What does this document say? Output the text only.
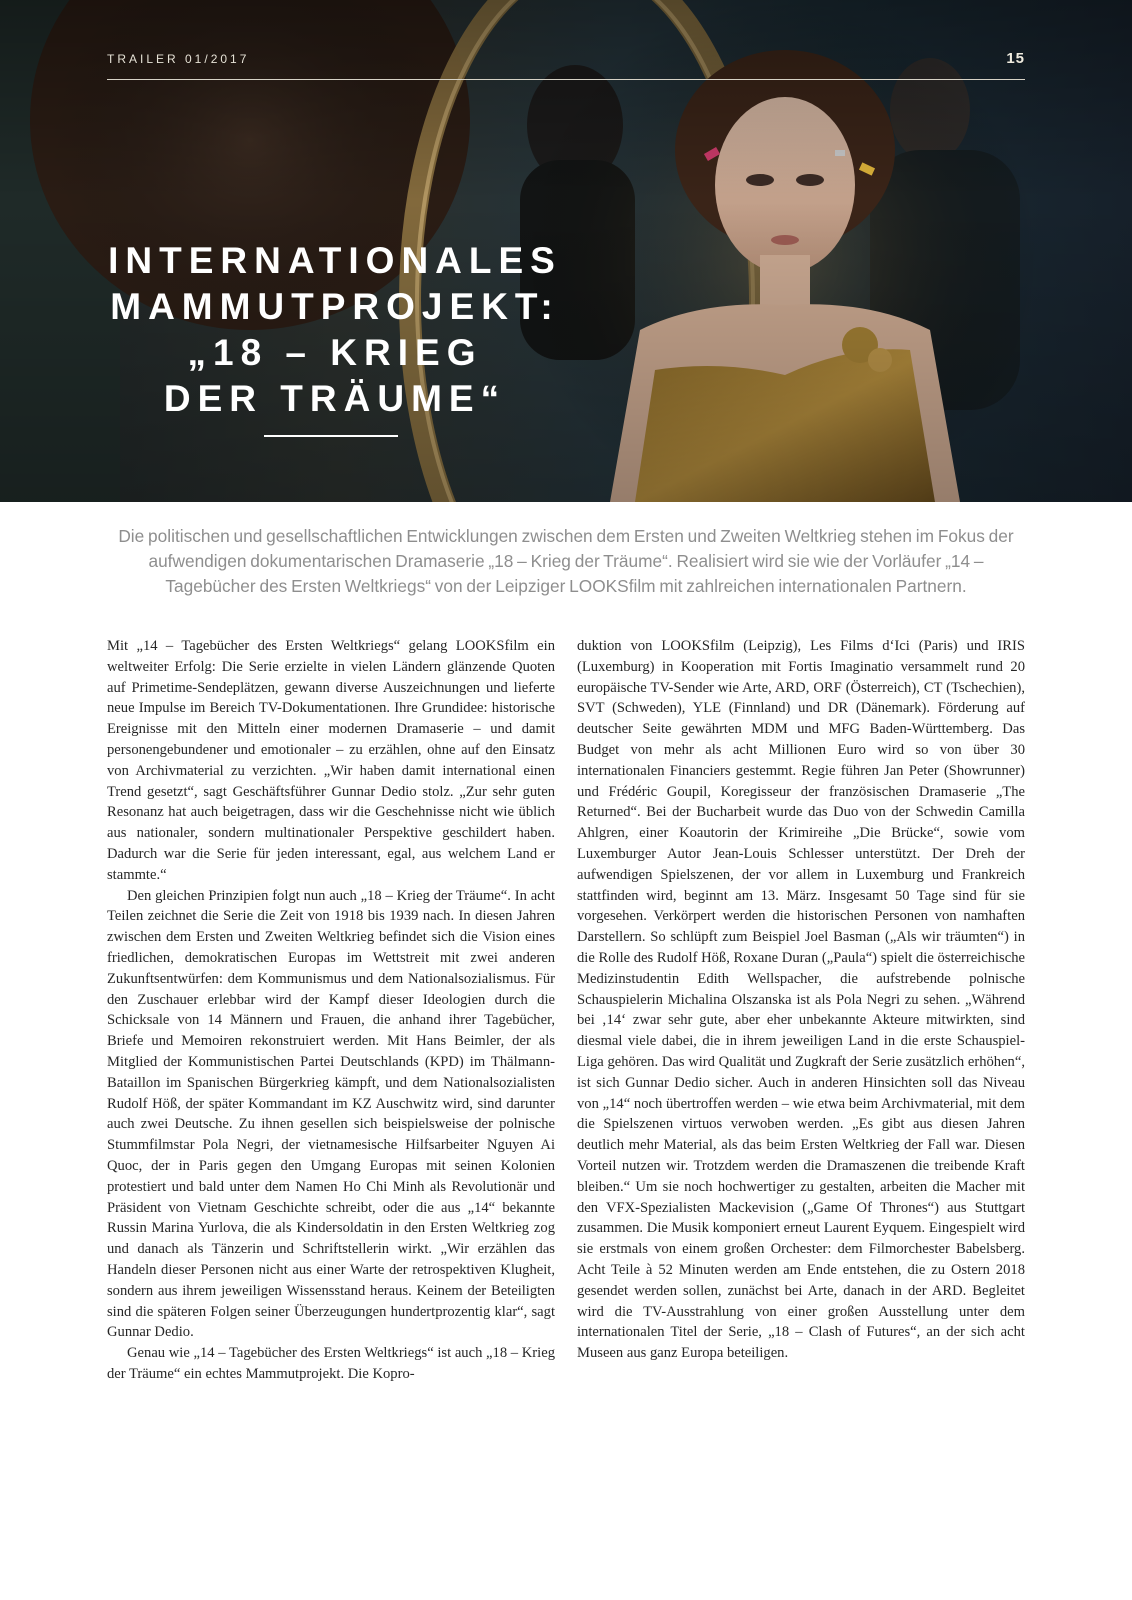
TRAILER 01/2017	15
INTERNATIONALES
MAMMUTPROJEKT:
„18 – KRIEG
DER TRÄUME“

Die politischen und gesellschaftlichen Entwicklungen zwischen dem Ersten und Zweiten Weltkrieg stehen im Fokus der aufwendigen dokumentarischen Dramaserie „18 – Krieg der Träume“. Realisiert wird sie wie der Vorläufer „14 – Tagebücher des Ersten Weltkriegs“ von der Leipziger LOOKSfilm mit zahlreichen internationalen Partnern.

Mit „14 – Tagebücher des Ersten Weltkriegs“ gelang LOOKSfilm ein weltweiter Erfolg: Die Serie erzielte in vielen Ländern glänzende Quoten auf Primetime-Sendeplätzen, gewann diverse Auszeichnungen und lieferte neue Impulse im Bereich TV-Dokumentationen. Ihre Grundidee: historische Ereignisse mit den Mitteln einer modernen Dramaserie – und damit personengebundener und emotionaler – zu erzählen, ohne auf den Einsatz von Archivmaterial zu verzichten. „Wir haben damit international einen Trend gesetzt“, sagt Geschäftsführer Gunnar Dedio stolz. „Zur sehr guten Resonanz hat auch beigetragen, dass wir die Geschehnisse nicht wie üblich aus nationaler, sondern multinationaler Perspektive geschildert haben. Dadurch war die Serie für jeden interessant, egal, aus welchem Land er stammte.“

Den gleichen Prinzipien folgt nun auch „18 – Krieg der Träume“. In acht Teilen zeichnet die Serie die Zeit von 1918 bis 1939 nach. In diesen Jahren zwischen dem Ersten und Zweiten Weltkrieg befindet sich die Vision eines friedlichen, demokratischen Europas im Wettstreit mit zwei anderen Zukunftsentwürfen: dem Kommunismus und dem Nationalsozialismus. Für den Zuschauer erlebbar wird der Kampf dieser Ideologien durch die Schicksale von 14 Männern und Frauen, die anhand ihrer Tagebücher, Briefe und Memoiren rekonstruiert werden. Mit Hans Beimler, der als Mitglied der Kommunistischen Partei Deutschlands (KPD) im Thälmann-Bataillon im Spanischen Bürgerkrieg kämpft, und dem Nationalsozialisten Rudolf Höß, der später Kommandant im KZ Auschwitz wird, sind darunter auch zwei Deutsche. Zu ihnen gesellen sich beispielsweise der polnische Stummfilmstar Pola Negri, der vietnamesische Hilfsarbeiter Nguyen Ai Quoc, der in Paris gegen den Umgang Europas mit seinen Kolonien protestiert und bald unter dem Namen Ho Chi Minh als Revolutionär und Präsident von Vietnam Geschichte schreibt, oder die aus „14“ bekannte Russin Marina Yurlova, die als Kindersoldatin in den Ersten Weltkrieg zog und danach als Tänzerin und Schriftstellerin wirkt. „Wir erzählen das Handeln dieser Personen nicht aus einer Warte der retrospektiven Klugheit, sondern aus ihrem jeweiligen Wissensstand heraus. Keinem der Beteiligten sind die späteren Folgen seiner Überzeugungen hundertprozentig klar“, sagt Gunnar Dedio.

Genau wie „14 – Tagebücher des Ersten Weltkriegs“ ist auch „18 – Krieg der Träume“ ein echtes Mammutprojekt. Die Kopro-

duktion von LOOKSfilm (Leipzig), Les Films d‘Ici (Paris) und IRIS (Luxemburg) in Kooperation mit Fortis Imaginatio versammelt rund 20 europäische TV-Sender wie Arte, ARD, ORF (Österreich), CT (Tschechien), SVT (Schweden), YLE (Finnland) und DR (Dänemark). Förderung auf deutscher Seite gewährten MDM und MFG Baden-Württemberg. Das Budget von mehr als acht Millionen Euro wird so von über 30 internationalen Financiers gestemmt. Regie führen Jan Peter (Showrunner) und Frédéric Goupil, Koregisseur der französischen Dramaserie „The Returned“. Bei der Bucharbeit wurde das Duo von der Schwedin Camilla Ahlgren, einer Koautorin der Krimireihe „Die Brücke“, sowie vom Luxemburger Autor Jean-Louis Schlesser unterstützt. Der Dreh der aufwendigen Spielszenen, der vor allem in Luxemburg und Frankreich stattfinden wird, beginnt am 13. März. Insgesamt 50 Tage sind für sie vorgesehen. Verkörpert werden die historischen Personen von namhaften Darstellern. So schlüpft zum Beispiel Joel Basman („Als wir träumten“) in die Rolle des Rudolf Höß, Roxane Duran („Paula“) spielt die österreichische Medizinstudentin Edith Wellspacher, die aufstrebende polnische Schauspielerin Michalina Olszanska ist als Pola Negri zu sehen. „Während bei ‚14‘ zwar sehr gute, aber eher unbekannte Akteure mitwirkten, sind diesmal viele dabei, die in ihrem jeweiligen Land in die erste Schauspiel-Liga gehören. Das wird Qualität und Zugkraft der Serie zusätzlich erhöhen“, ist sich Gunnar Dedio sicher. Auch in anderen Hinsichten soll das Niveau von „14“ noch übertroffen werden – wie etwa beim Archivmaterial, mit dem die Spielszenen virtuos verwoben werden. „Es gibt aus diesen Jahren deutlich mehr Material, als das beim Ersten Weltkrieg der Fall war. Diesen Vorteil nutzen wir. Trotzdem werden die Dramaszenen die treibende Kraft bleiben.“ Um sie noch hochwertiger zu gestalten, arbeiten die Macher mit den VFX-Spezialisten Mackevision („Game Of Thrones“) aus Stuttgart zusammen. Die Musik komponiert erneut Laurent Eyquem. Eingespielt wird sie erstmals von einem großen Orchester: dem Filmorchester Babelsberg. Acht Teile à 52 Minuten werden am Ende entstehen, die zu Ostern 2018 gesendet werden sollen, zunächst bei Arte, danach in der ARD. Begleitet wird die TV-Ausstrahlung von einer großen Ausstellung unter dem internationalen Titel der Serie, „18 – Clash of Futures“, an der sich acht Museen aus ganz Europa beteiligen.
